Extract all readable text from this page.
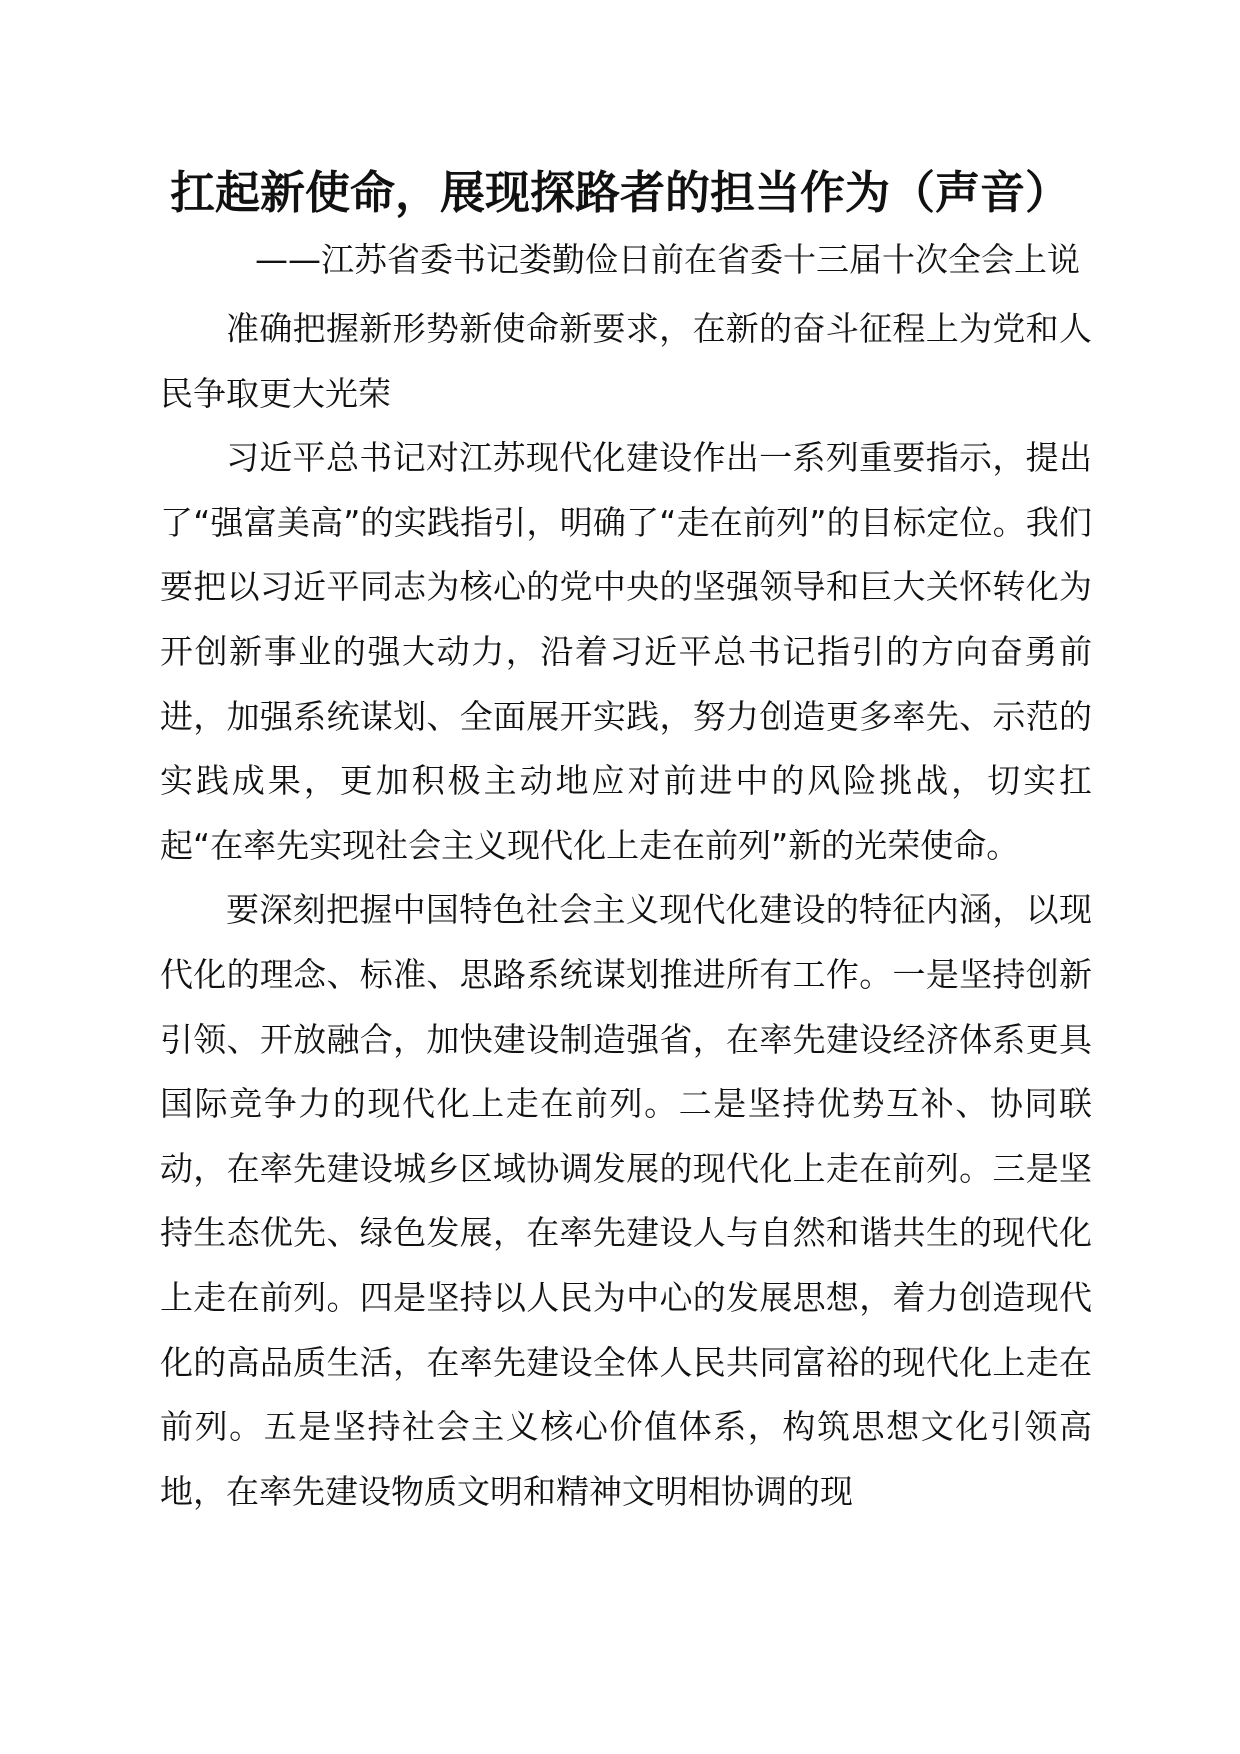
扛起新使命，展现探路者的担当作为（声音）
——江苏省委书记娄勤俭日前在省委十三届十次全会上说

准确把握新形势新使命新要求，在新的奋斗征程上为党和人民争取更大光荣

习近平总书记对江苏现代化建设作出一系列重要指示，提出了“强富美高”的实践指引，明确了“走在前列”的目标定位。我们要把以习近平同志为核心的党中央的坚强领导和巨大关怀转化为开创新事业的强大动力，沿着习近平总书记指引的方向奋勇前进，加强系统谋划、全面展开实践，努力创造更多率先、示范的实践成果，更加积极主动地应对前进中的风险挑战，切实扛起“在率先实现社会主义现代化上走在前列”新的光荣使命。

要深刻把握中国特色社会主义现代化建设的特征内涵，以现代化的理念、标准、思路系统谋划推进所有工作。一是坚持创新引领、开放融合，加快建设制造强省，在率先建设经济体系更具国际竞争力的现代化上走在前列。二是坚持优势互补、协同联动，在率先建设城乡区域协调发展的现代化上走在前列。三是坚持生态优先、绿色发展，在率先建设人与自然和谐共生的现代化上走在前列。四是坚持以人民为中心的发展思想，着力创造现代化的高品质生活，在率先建设全体人民共同富裕的现代化上走在前列。五是坚持社会主义核心价值体系，构筑思想文化引领高地，在率先建设物质文明和精神文明相协调的现
